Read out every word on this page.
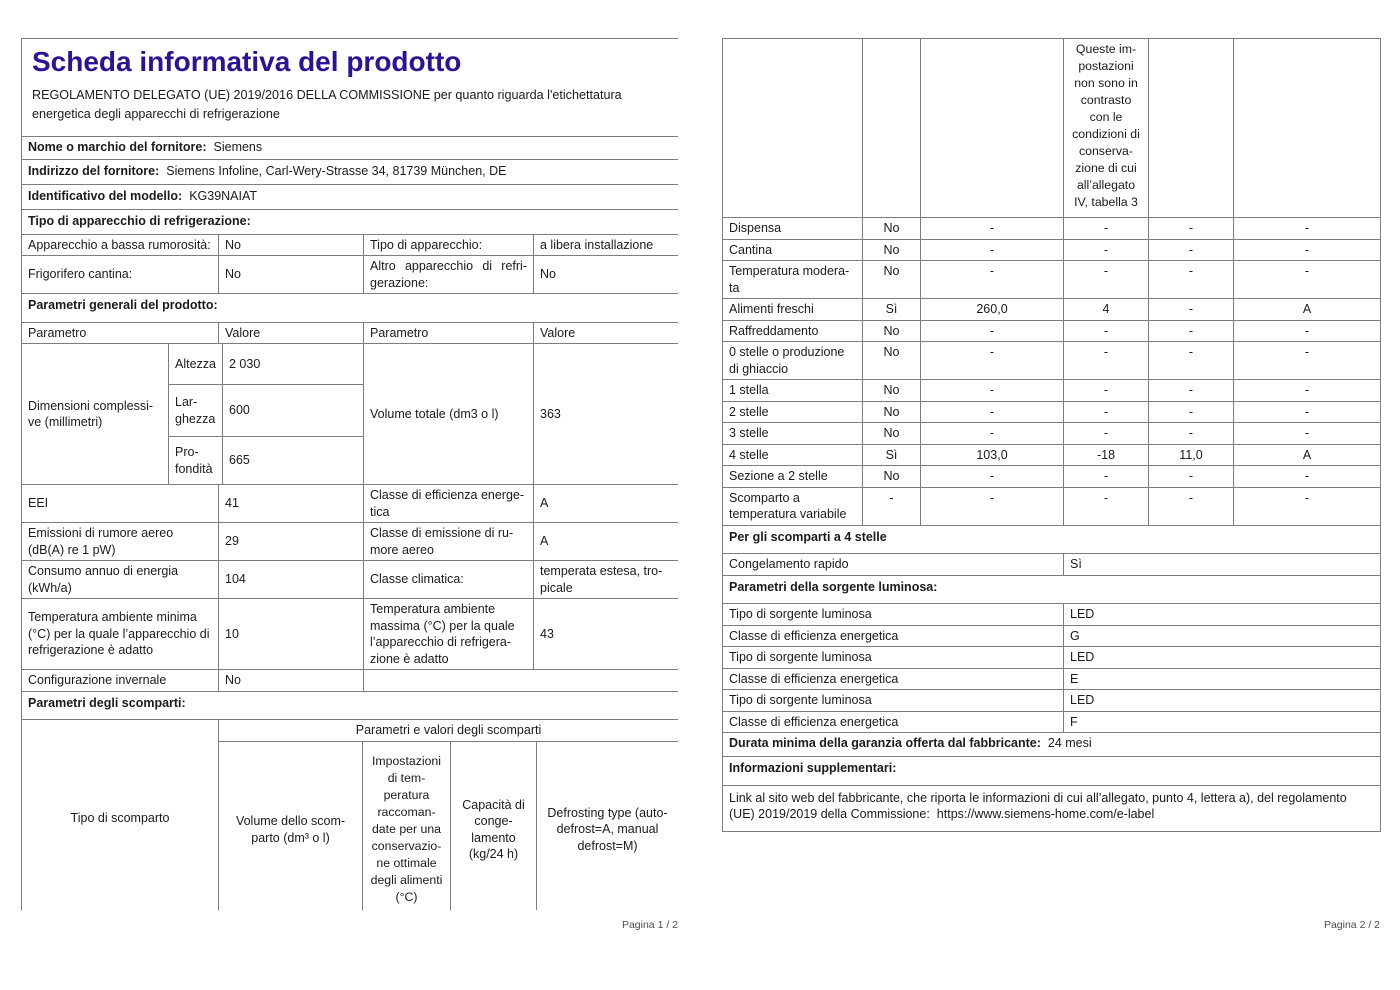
Scheda informativa del prodotto
REGOLAMENTO DELEGATO (UE) 2019/2016 DELLA COMMISSIONE per quanto riguarda l'etichettatura energetica degli apparecchi di refrigerazione

Nome o marchio del fornitore: Siemens
Indirizzo del fornitore: Siemens Infoline, Carl-Wery-Strasse 34, 81739 München, DE
Identificativo del modello: KG39NAIAT
Tipo di apparecchio di refrigerazione:
Apparecchio a bassa rumorosità:	No	Tipo di apparecchio:	a libera installazione
Frigorifero cantina:	No	Altro apparecchio di refrigerazione:	No
Parametri generali del prodotto:
Parametro	Valore	Parametro	Valore
Dimensioni complessive (millimetri)	Altezza	2 030	Volume totale (dm3 o l)	363
	Larghezza	600		
	Profondità	665		
EEI	41	Classe di efficienza energetica	A
Emissioni di rumore aereo (dB(A) re 1 pW)	29	Classe di emissione di rumore aereo	A
Consumo annuo di energia (kWh/a)	104	Classe climatica:	temperata estesa, tropicale
Temperatura ambiente minima (°C) per la quale l’apparecchio di refrigerazione è adatto	10	Temperatura ambiente massima (°C) per la quale l’apparecchio di refrigerazione è adatto	43
Configurazione invernale	No		
Parametri degli scomparti:
Tipo di scomparto	Parametri e valori degli scomparti			
	Volume dello scomparto (dm³ o l)	Impostazioni di temperatura raccomandate per una conservazione ottimale degli alimenti (°C)	Capacità di congelamento (kg/24 h)	Defrosting type (auto-defrost=A, manual defrost=M)
			Queste impostazioni non sono in contrasto con le condizioni di conservazione di cui all’allegato IV, tabella 3		
Dispensa	No	-	-	-	-
Cantina	No	-	-	-	-
Temperatura moderata	No	-	-	-	-
Alimenti freschi	Sì	260,0	4	-	A
Raffreddamento	No	-	-	-	-
0 stelle o produzione di ghiaccio	No	-	-	-	-
1 stella	No	-	-	-	-
2 stelle	No	-	-	-	-
3 stelle	No	-	-	-	-
4 stelle	Sì	103,0	-18	11,0	A
Sezione a 2 stelle	No	-	-	-	-
Scomparto a temperatura variabile	-	-	-	-	-
Per gli scomparti a 4 stelle
Congelamento rapido	Sì
Parametri della sorgente luminosa:
Tipo di sorgente luminosa	LED
Classe di efficienza energetica	G
Tipo di sorgente luminosa	LED
Classe di efficienza energetica	E
Tipo di sorgente luminosa	LED
Classe di efficienza energetica	F
Durata minima della garanzia offerta dal fabbricante: 24 mesi
Informazioni supplementari:
Link al sito web del fabbricante, che riporta le informazioni di cui all’allegato, punto 4, lettera a), del regolamento (UE) 2019/2019 della Commissione: https://www.siemens-home.com/e-label
Pagina 1 / 2	Pagina 2 / 2
